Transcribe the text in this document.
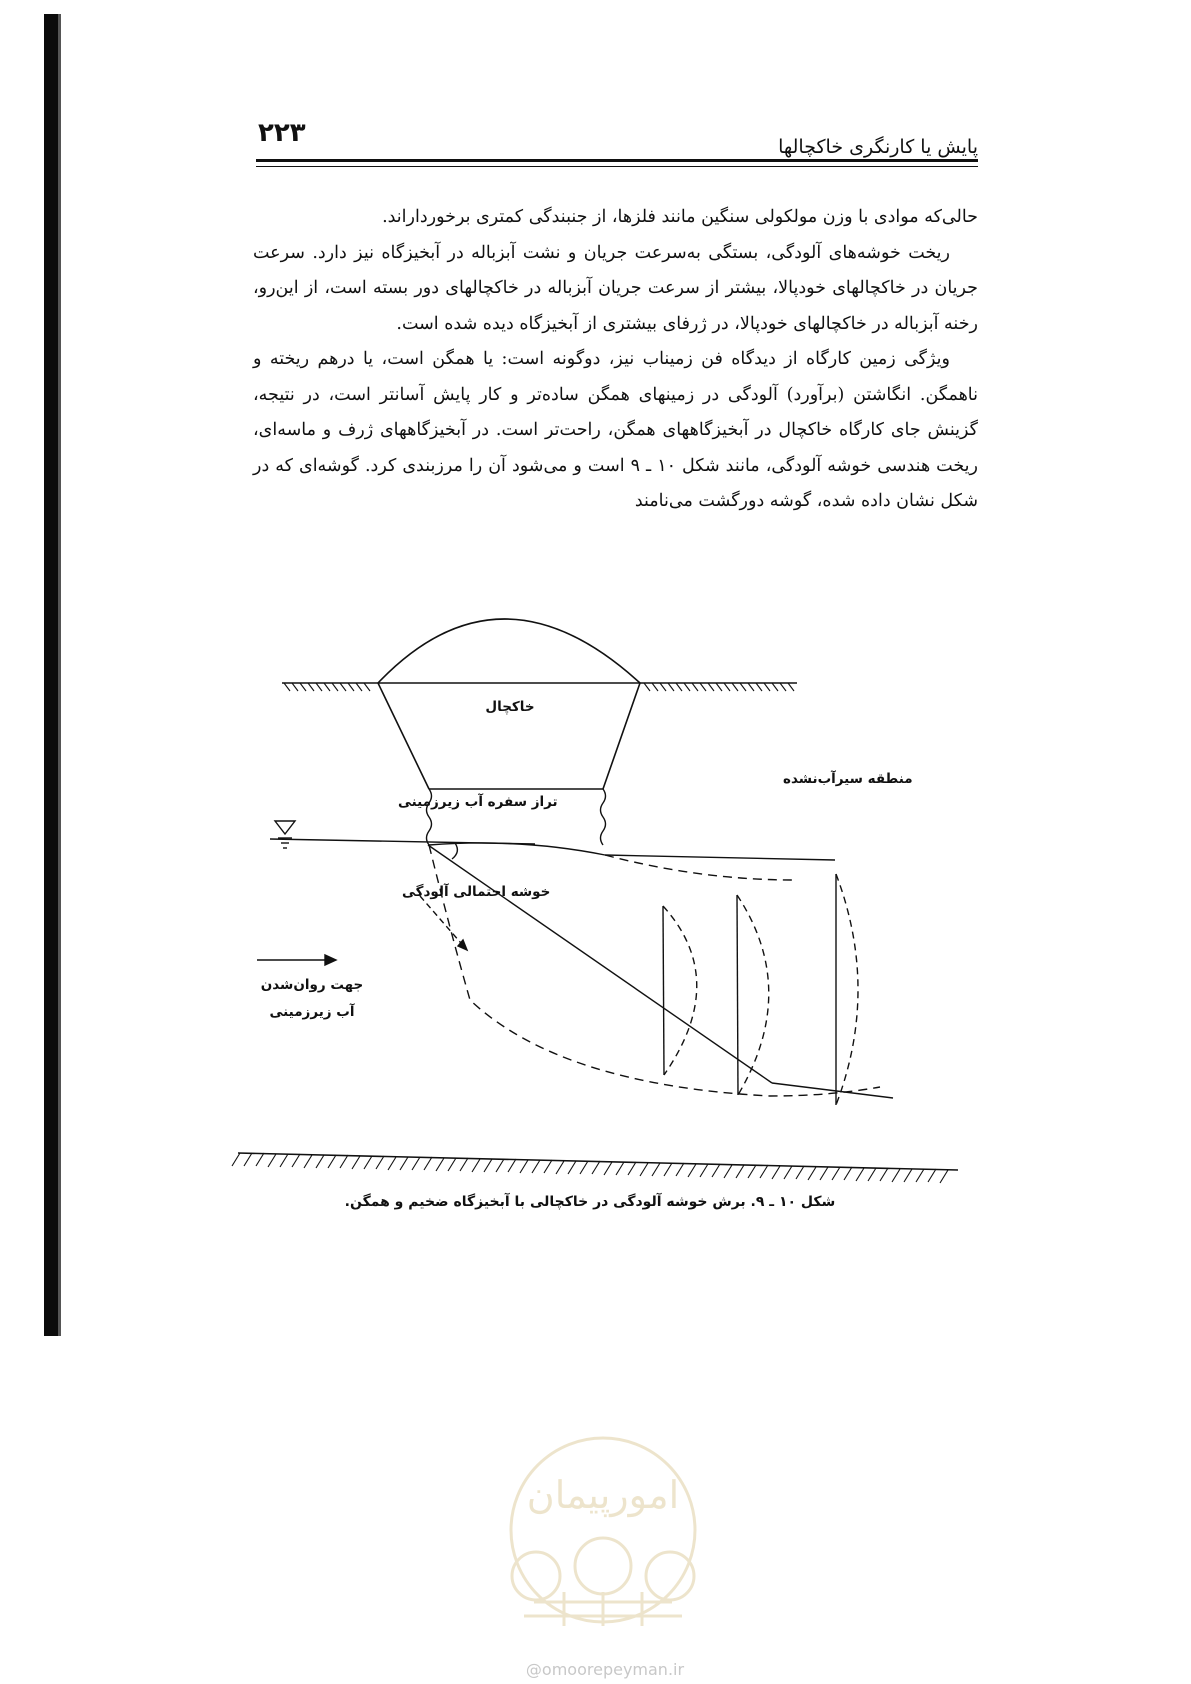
۲۲۳	پایش یا کارنگری خاکچالها

حالی‌که موادی با وزن مولکولی سنگین مانند فلزها، از جنبندگی کمتری برخوردار‌اند.

ریخت خوشه‌های آلودگی، بستگی به‌سرعت جریان و نشت آبزباله در آبخیزگاه نیز دارد. سرعت جریان در خاکچالهای خودپالا، بیشتر از سرعت جریان آبزباله در خاکچالهای دور بسته است، از این‌رو، رخنه آبزباله در خاکچالهای خودپالا، در ژرفای بیشتری از آبخیزگاه دیده شده است.

ویژگی زمین کارگاه از دیدگاه فن زمیناب نیز، دوگونه است: یا همگن است، یا درهم ریخته و ناهمگن. انگاشتن (برآورد) آلودگی در زمینهای همگن ساده‌تر و کار پایش آسانتر است، در نتیجه، گزینش جای کارگاه خاکچال در آبخیزگاههای همگن، راحت‌تر است. در آبخیزگاههای ژرف و ماسه‌ای، ریخت هندسی خوشه آلودگی، مانند شکل ۱۰ ـ ۹ است و می‌شود آن را مرزبندی کرد. گوشه‌ای که در شکل نشان داده شده، گوشه دورگشت می‌نامند

خاکچال
منطقه سیرآب‌نشده
تراز سفره آب زیرزمینی
خوشه احتمالی آلودگی
جهت روان‌شدن
آب زیرزمینی
شکل ۱۰ ـ ۹. برش خوشه آلودگی در خاکچالی با آبخیزگاه ضخیم و همگن.
امورپیمان
@omoorepeyman.ir
